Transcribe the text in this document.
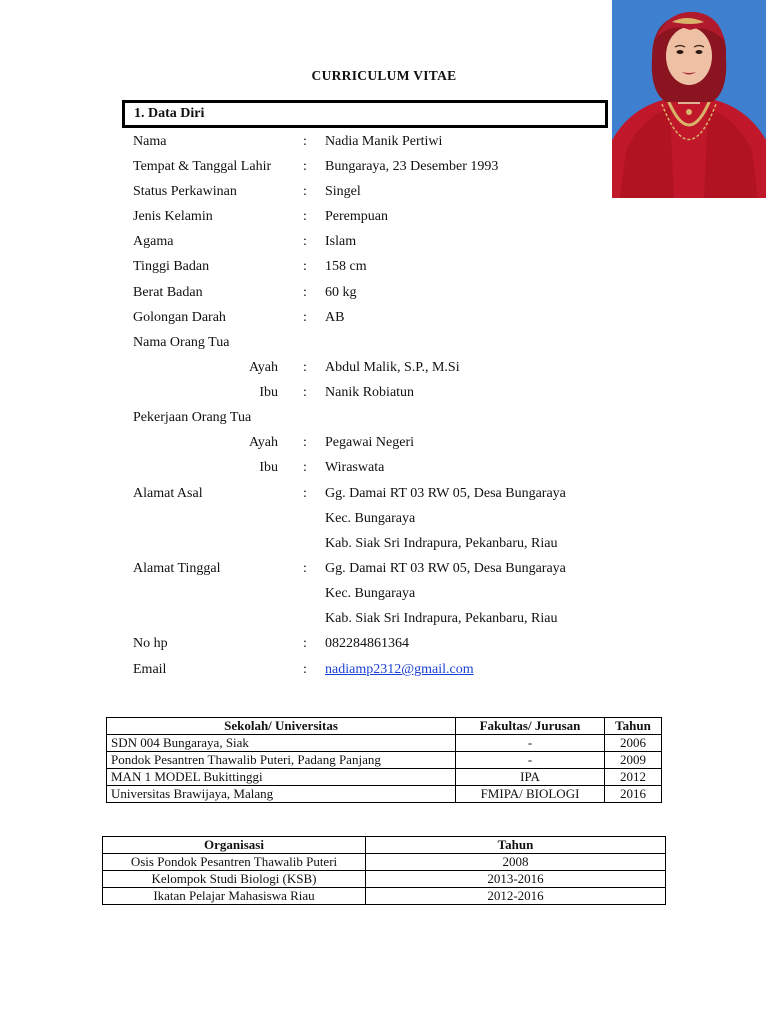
CURRICULUM VITAE
1. Data Diri
Nama	: Nadia Manik Pertiwi
Tempat & Tanggal Lahir : Bungaraya, 23 Desember 1993
Status Perkawinan	: Singel
Jenis Kelamin	: Perempuan
Agama	: Islam
Tinggi Badan	: 158 cm
Berat Badan	: 60 kg
Golongan Darah	: AB
Nama Orang Tua
Ayah : Abdul Malik, S.P., M.Si
Ibu : Nanik Robiatun
Pekerjaan Orang Tua
Ayah : Pegawai Negeri
Ibu : Wiraswata
Alamat Asal	: Gg. Damai RT 03 RW 05, Desa Bungaraya
Kec. Bungaraya
Kab. Siak Sri Indrapura, Pekanbaru, Riau
Alamat Tinggal	: Gg. Damai RT 03 RW 05, Desa Bungaraya
Kec. Bungaraya
Kab. Siak Sri Indrapura, Pekanbaru, Riau
No hp	: 082284861364
Email	: nadiamp2312@gmail.com
Sekolah/ Universitas	Fakultas/ Jurusan	Tahun
SDN 004 Bungaraya, Siak	-	2006
Pondok Pesantren Thawalib Puteri, Padang Panjang	-	2009
MAN 1 MODEL Bukittinggi	IPA	2012
Universitas Brawijaya, Malang	FMIPA/ BIOLOGI	2016
Organisasi	Tahun
Osis Pondok Pesantren Thawalib Puteri	2008
Kelompok Studi Biologi (KSB)	2013-2016
Ikatan Pelajar Mahasiswa Riau	2012-2016
